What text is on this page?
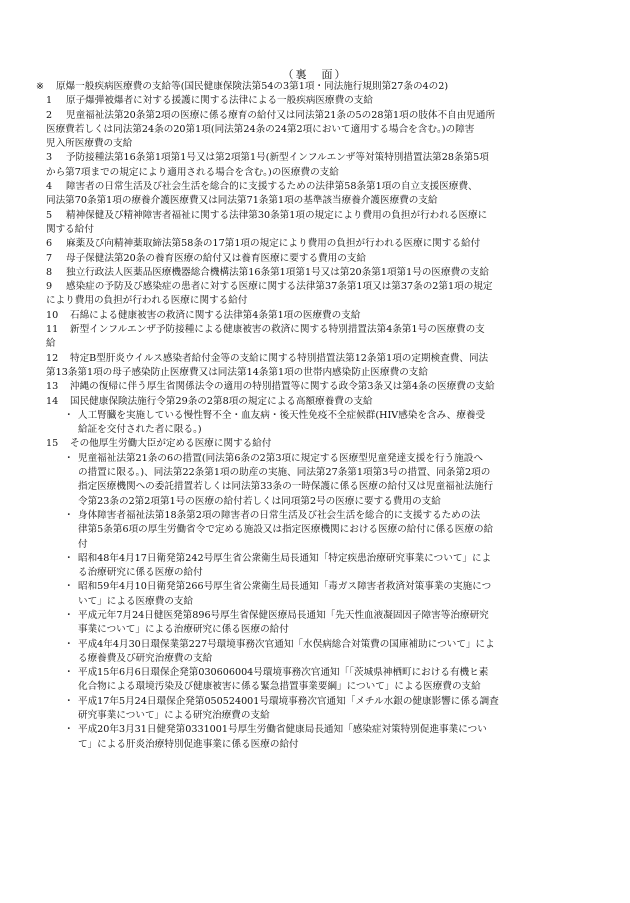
（裏　面）
※ 原爆一般疾病医療費の支給等(国民健康保険法第54の3第1項・同法施行規則第27条の4の2)
1 原子爆弾被爆者に対する援護に関する法律による一般疾病医療費の支給
2 児童福祉法第20条第2項の医療に係る療育の給付又は同法第21条の5の28第1項の肢体不自由児通所
医療費若しくは同法第24条の20第1項(同法第24条の24第2項において適用する場合を含む。)の障害
児入所医療費の支給
3 予防接種法第16条第1項第1号又は第2項第1号(新型インフルエンザ等対策特別措置法第28条第5項
から第7項までの規定により適用される場合を含む。)の医療費の支給
4 障害者の日常生活及び社会生活を総合的に支援するための法律第58条第1項の自立支援医療費、
同法第70条第1項の療養介護医療費又は同法第71条第1項の基準該当療養介護医療費の支給
5 精神保健及び精神障害者福祉に関する法律第30条第1項の規定により費用の負担が行われる医療に
関する給付
6 麻薬及び向精神薬取締法第58条の17第1項の規定により費用の負担が行われる医療に関する給付
7 母子保健法第20条の養育医療の給付又は養育医療に要する費用の支給
8 独立行政法人医薬品医療機器総合機構法第16条第1項第1号又は第20条第1項第1号の医療費の支給
9 感染症の予防及び感染症の患者に対する医療に関する法律第37条第1項又は第37条の2第1項の規定
により費用の負担が行われる医療に関する給付
10 石綿による健康被害の救済に関する法律第4条第1項の医療費の支給
11 新型インフルエンザ予防接種による健康被害の救済に関する特別措置法第4条第1号の医療費の支
給
12 特定B型肝炎ウイルス感染者給付金等の支給に関する特別措置法第12条第1項の定期検査費、同法
第13条第1項の母子感染防止医療費又は同法第14条第1項の世帯内感染防止医療費の支給
13 沖縄の復帰に伴う厚生省関係法令の適用の特別措置等に関する政令第3条又は第4条の医療費の支給
14 国民健康保険法施行令第29条の2第8項の規定による高額療養費の支給
・ 人工腎臓を実施している慢性腎不全・血友病・後天性免疫不全症候群(HIV感染を含み、療養受
給証を交付された者に限る。)
15 その他厚生労働大臣が定める医療に関する給付
・ 児童福祉法第21条の6の措置(同法第6条の2第3項に規定する医療型児童発達支援を行う施設へ
の措置に限る。)、同法第22条第1項の助産の実施、同法第27条第1項第3号の措置、同条第2項の
指定医療機関への委託措置若しくは同法第33条の一時保護に係る医療の給付又は児童福祉法施行
令第23条の2第2項第1号の医療の給付若しくは同項第2号の医療に要する費用の支給
・ 身体障害者福祉法第18条第2項の障害者の日常生活及び社会生活を総合的に支援するための法
律第5条第6項の厚生労働省令で定める施設又は指定医療機関における医療の給付に係る医療の給
付
・ 昭和48年4月17日衛発第242号厚生省公衆衛生局長通知「特定疾患治療研究事業について」によ
る治療研究に係る医療の給付
・ 昭和59年4月10日衛発第266号厚生省公衆衛生局長通知「毒ガス障害者救済対策事業の実施につ
いて」による医療費の支給
・ 平成元年7月24日健医発第896号厚生省保健医療局長通知「先天性血液凝固因子障害等治療研究
事業について」による治療研究に係る医療の給付
・ 平成4年4月30日環保業第227号環境事務次官通知「水俣病総合対策費の国庫補助について」によ
る療養費及び研究治療費の支給
・ 平成15年6月6日環保企発第030606004号環境事務次官通知「「茨城県神栖町における有機ヒ素
化合物による環境汚染及び健康被害に係る緊急措置事業要綱」について」による医療費の支給
・ 平成17年5月24日環保企発第050524001号環境事務次官通知「メチル水銀の健康影響に係る調査
研究事業について」による研究治療費の支給
・ 平成20年3月31日健発第0331001号厚生労働省健康局長通知「感染症対策特別促進事業につい
て」による肝炎治療特別促進事業に係る医療の給付
